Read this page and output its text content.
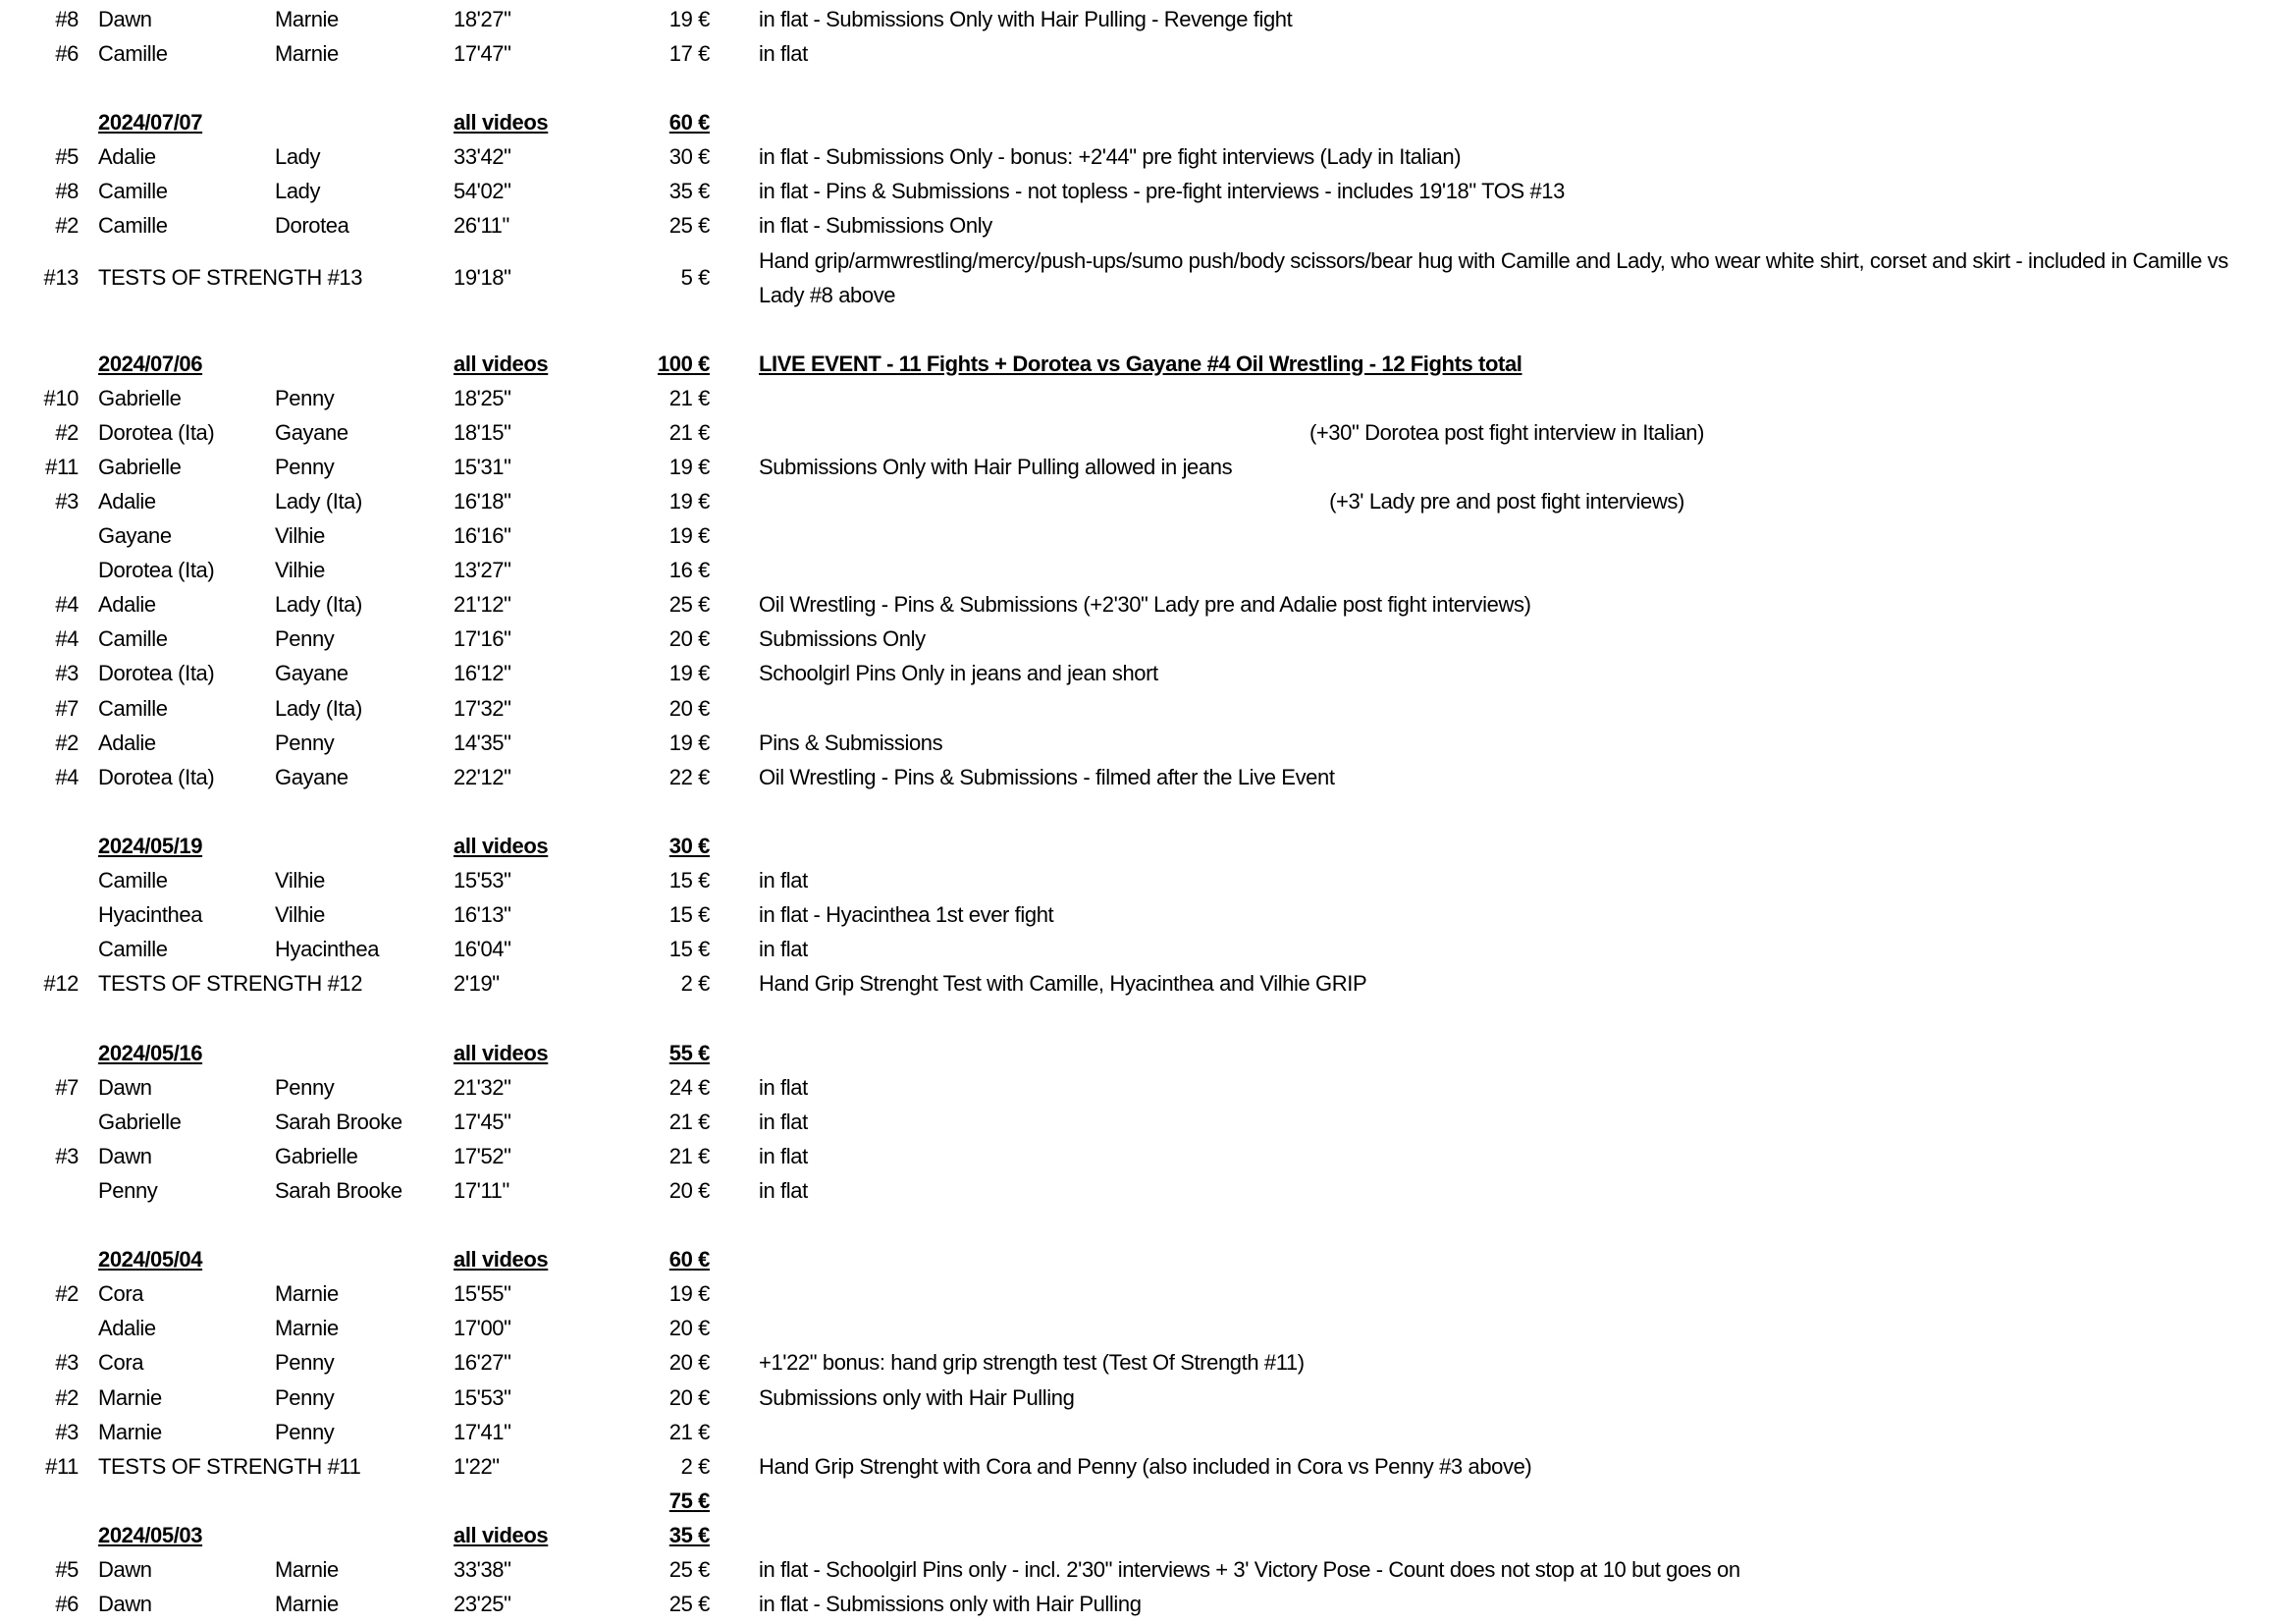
#8 Dawn	Marnie	18'27"	19 € in flat - Submissions Only with Hair Pulling - Revenge fight
#6 Camille	Marnie	17'47"	17 € in flat
2024/07/07	all videos	60 €
#5 Adalie	Lady	33'42"	30 € in flat - Submissions Only - bonus: +2'44" pre fight interviews (Lady in Italian)
#8 Camille	Lady	54'02"	35 € in flat - Pins & Submissions - not topless - pre-fight interviews - includes 19'18" TOS #13
#2 Camille	Dorotea	26'11"	25 € in flat - Submissions Only
#13 TESTS OF STRENGTH #13	19'18"	5 €
Hand grip/armwrestling/mercy/push-ups/sumo push/body scissors/bear hug with Camille and Lady, who wear white shirt, corset and skirt - included in Camille vs Lady #8 above
2024/07/06	all videos	100 € LIVE EVENT - 11 Fights + Dorotea vs Gayane #4 Oil Wrestling - 12 Fights total
#10 Gabrielle	Penny	18'25"	21 €
#2 Dorotea (Ita)	Gayane	18'15"	21 €	(+30" Dorotea post fight interview in Italian)
#11 Gabrielle	Penny	15'31"	19 € Submissions Only with Hair Pulling allowed in jeans
#3 Adalie	Lady (Ita)	16'18"	19 €	(+3' Lady pre and post fight interviews)
Gayane	Vilhie	16'16"	19 €
Dorotea (Ita)	Vilhie	13'27"	16 €
#4 Adalie	Lady (Ita)	21'12"	25 € Oil Wrestling - Pins & Submissions (+2'30" Lady pre and Adalie post fight interviews)
#4 Camille	Penny	17'16"	20 € Submissions Only
#3 Dorotea (Ita)	Gayane	16'12"	19 € Schoolgirl Pins Only in jeans and jean short
#7 Camille	Lady (Ita)	17'32"	20 €
#2 Adalie	Penny	14'35"	19 € Pins & Submissions
#4 Dorotea (Ita)	Gayane	22'12"	22 € Oil Wrestling - Pins & Submissions - filmed after the Live Event
2024/05/19	all videos	30 €
Camille	Vilhie	15'53"	15 € in flat
Hyacinthea	Vilhie	16'13"	15 € in flat - Hyacinthea 1st ever fight
Camille	Hyacinthea	16'04"	15 € in flat
#12 TESTS OF STRENGTH #12	2'19"	2 € Hand Grip Strenght Test with Camille, Hyacinthea and Vilhie GRIP
2024/05/16	all videos	55 €
#7 Dawn	Penny	21'32"	24 € in flat
Gabrielle	Sarah Brooke 17'45"	21 € in flat
#3 Dawn	Gabrielle	17'52"	21 € in flat
Penny	Sarah Brooke 17'11"	20 € in flat
2024/05/04	all videos	60 €
#2 Cora	Marnie	15'55"	19 €
Adalie	Marnie	17'00"	20 €
#3 Cora	Penny	16'27"	20 € +1'22" bonus: hand grip strength test (Test Of Strength #11)
#2 Marnie	Penny	15'53"	20 € Submissions only with Hair Pulling
#3 Marnie	Penny	17'41"	21 €
#11 TESTS OF STRENGTH #11	1'22"	2 € Hand Grip Strenght with Cora and Penny (also included in Cora vs Penny #3 above)
75 €
2024/05/03	all videos	35 €
#5 Dawn	Marnie	33'38"	25 € in flat - Schoolgirl Pins only - incl. 2'30" interviews + 3' Victory Pose - Count does not stop at 10 but goes on
#6 Dawn	Marnie	23'25"	25 € in flat - Submissions only with Hair Pulling
